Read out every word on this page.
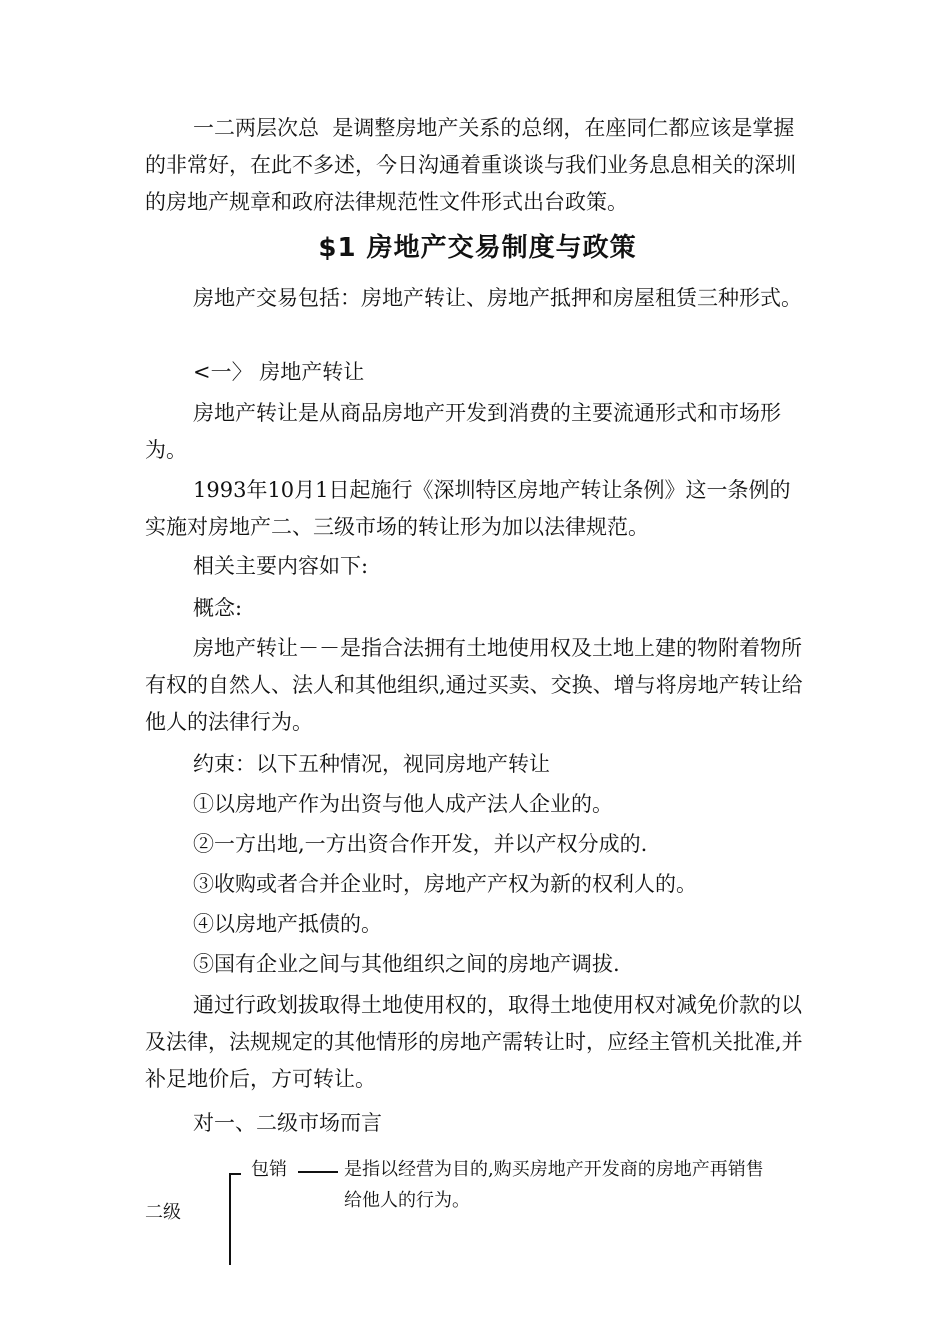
一二两层次总  是调整房地产关系的总纲，在座同仁都应该是掌握的非常好，在此不多述，今日沟通着重谈谈与我们业务息息相关的深圳的房地产规章和政府法律规范性文件形式出台政策。

$1 房地产交易制度与政策

房地产交易包括：房地产转让、房地产抵押和房屋租赁三种形式。

<一〉 房地产转让

房地产转让是从商品房地产开发到消费的主要流通形式和市场形为。

1993年10月1日起施行《深圳特区房地产转让条例》这一条例的实施对房地产二、三级市场的转让形为加以法律规范。

相关主要内容如下:

概念:

房地产转让－－是指合法拥有土地使用权及土地上建的物附着物所有权的自然人、法人和其他组织,通过买卖、交换、增与将房地产转让给他人的法律行为。

约束：以下五种情况，视同房地产转让

①以房地产作为出资与他人成产法人企业的。

②一方出地,一方出资合作开发，并以产权分成的.

③收购或者合并企业时，房地产产权为新的权利人的。

④以房地产抵债的。

⑤国有企业之间与其他组织之间的房地产调拔.

通过行政划拔取得土地使用权的，取得土地使用权对减免价款的以及法律，法规规定的其他情形的房地产需转让时，应经主管机关批准,并补足地价后，方可转让。

对一、二级市场而言

二级
包销	是指以经营为目的,购买房地产开发商的房地产再销售
给他人的行为。
